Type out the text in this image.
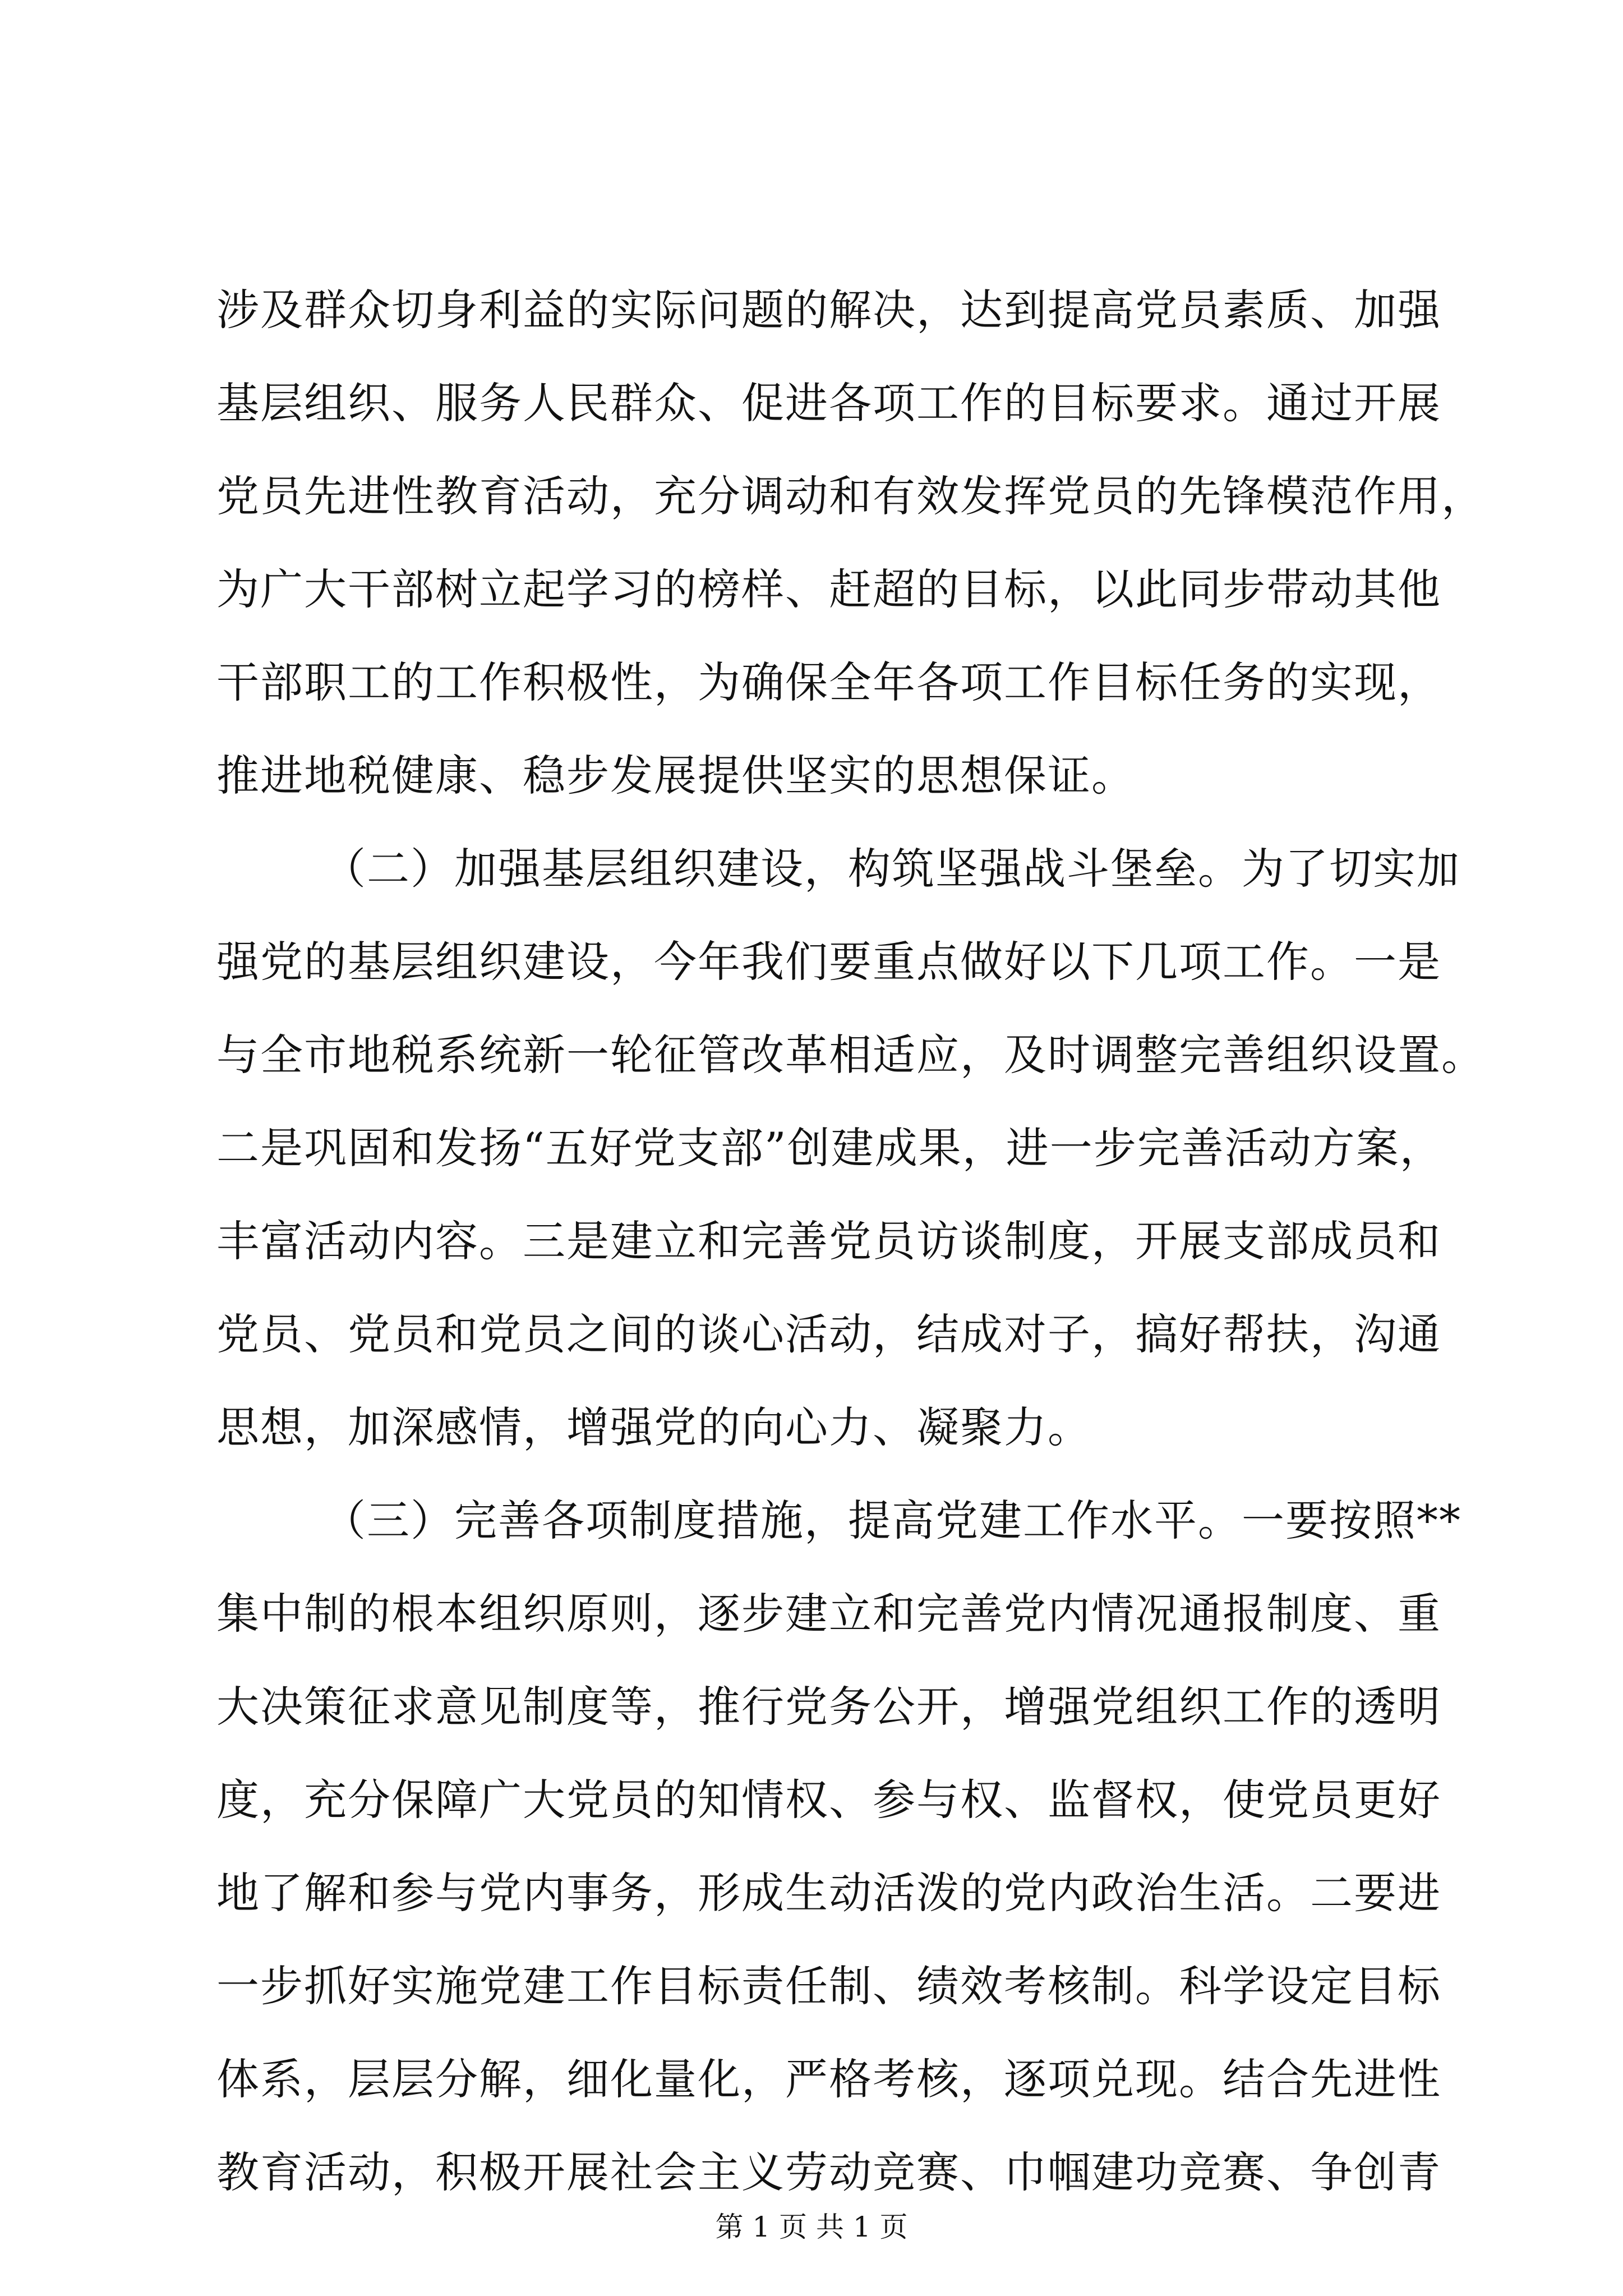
涉及群众切身利益的实际问题的解决，达到提高党员素质、加强
基层组织、服务人民群众、促进各项工作的目标要求。通过开展
党员先进性教育活动，充分调动和有效发挥党员的先锋模范作用，
为广大干部树立起学习的榜样、赶超的目标，以此同步带动其他
干部职工的工作积极性，为确保全年各项工作目标任务的实现，
推进地税健康、稳步发展提供坚实的思想保证。
（二）加强基层组织建设，构筑坚强战斗堡垒。为了切实加
强党的基层组织建设，今年我们要重点做好以下几项工作。一是
与全市地税系统新一轮征管改革相适应，及时调整完善组织设置。
二是巩固和发扬“五好党支部”创建成果，进一步完善活动方案，
丰富活动内容。三是建立和完善党员访谈制度，开展支部成员和
党员、党员和党员之间的谈心活动，结成对子，搞好帮扶，沟通
思想，加深感情，增强党的向心力、凝聚力。
（三）完善各项制度措施，提高党建工作水平。一要按照**
集中制的根本组织原则，逐步建立和完善党内情况通报制度、重
大决策征求意见制度等，推行党务公开，增强党组织工作的透明
度，充分保障广大党员的知情权、参与权、监督权，使党员更好
地了解和参与党内事务，形成生动活泼的党内政治生活。二要进
一步抓好实施党建工作目标责任制、绩效考核制。科学设定目标
体系，层层分解，细化量化，严格考核，逐项兑现。结合先进性
教育活动，积极开展社会主义劳动竞赛、巾帼建功竞赛、争创青
第 1 页 共 1 页
